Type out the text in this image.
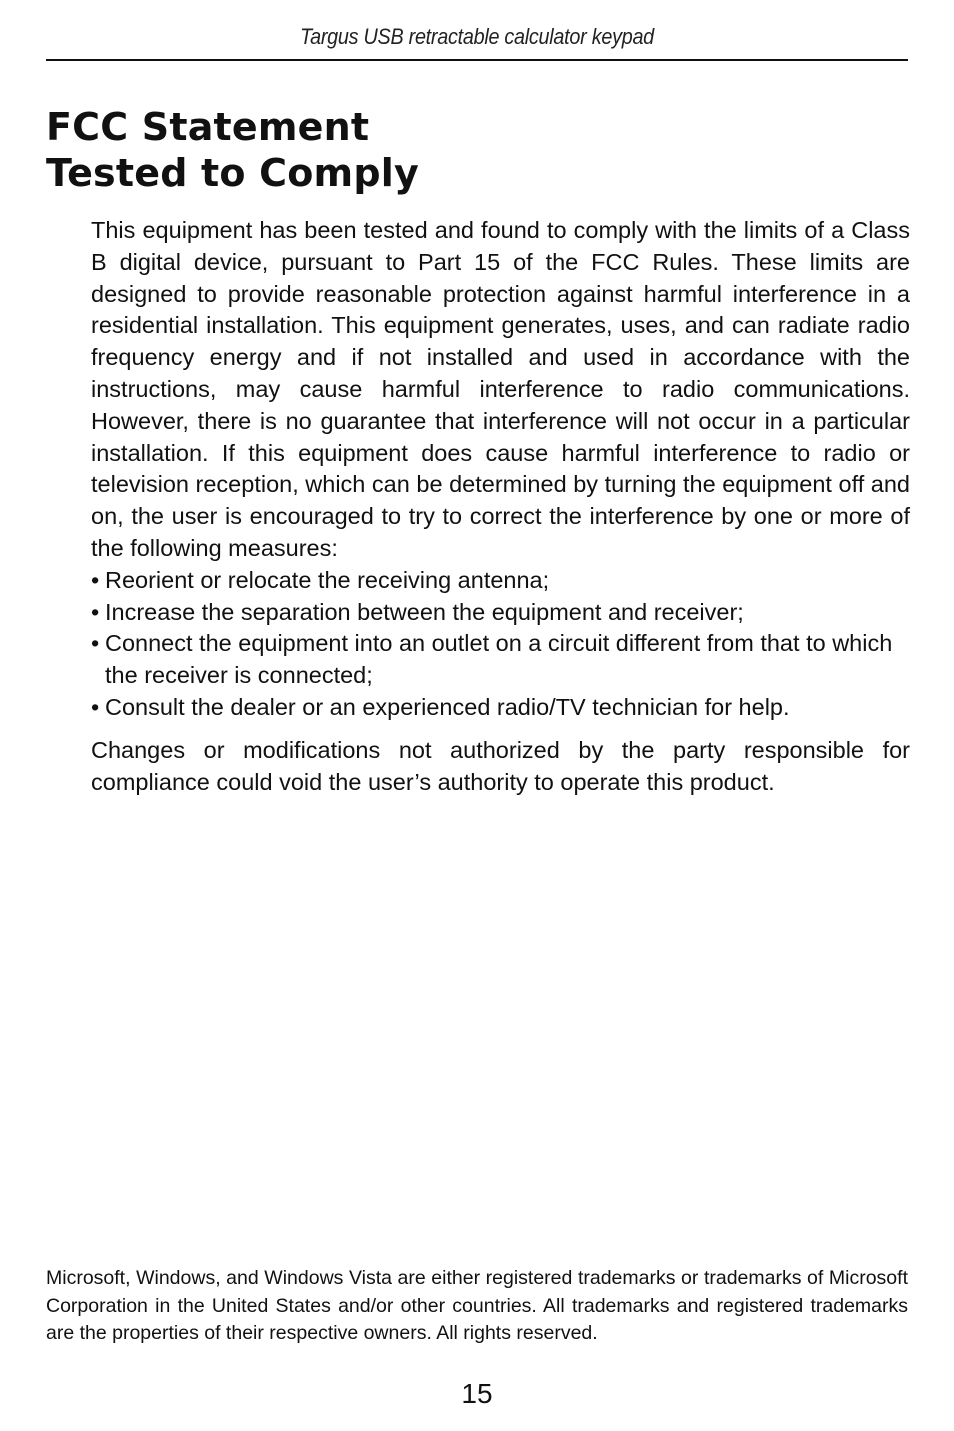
Targus USB retractable calculator keypad
FCC Statement
Tested to Comply

This equipment has been tested and found to comply with the limits of a Class B digital device, pursuant to Part 15 of the FCC Rules. These limits are designed to provide reasonable protection against harmful interference in a residential installation. This equipment generates, uses, and can radiate radio frequency energy and if not installed and used in accordance with the instructions, may cause harmful interference to radio communications. However, there is no guarantee that interference will not occur in a particular installation. If this equipment does cause harmful interference to radio or television reception, which can be determined by turning the equipment off and on, the user is encouraged to try to correct the interference by one or more of the following measures:

• Reorient or relocate the receiving antenna;
• Increase the separation between the equipment and receiver;
• Connect the equipment into an outlet on a circuit different from that to which the receiver is connected;
• Consult the dealer or an experienced radio/TV technician for help.

Changes or modifications not authorized by the party responsible for compliance could void the user’s authority to operate this product.

Microsoft, Windows, and Windows Vista are either registered trademarks or trademarks of Microsoft Corporation in the United States and/or other countries. All trademarks and registered trademarks are the properties of their respective owners. All rights reserved.
15
